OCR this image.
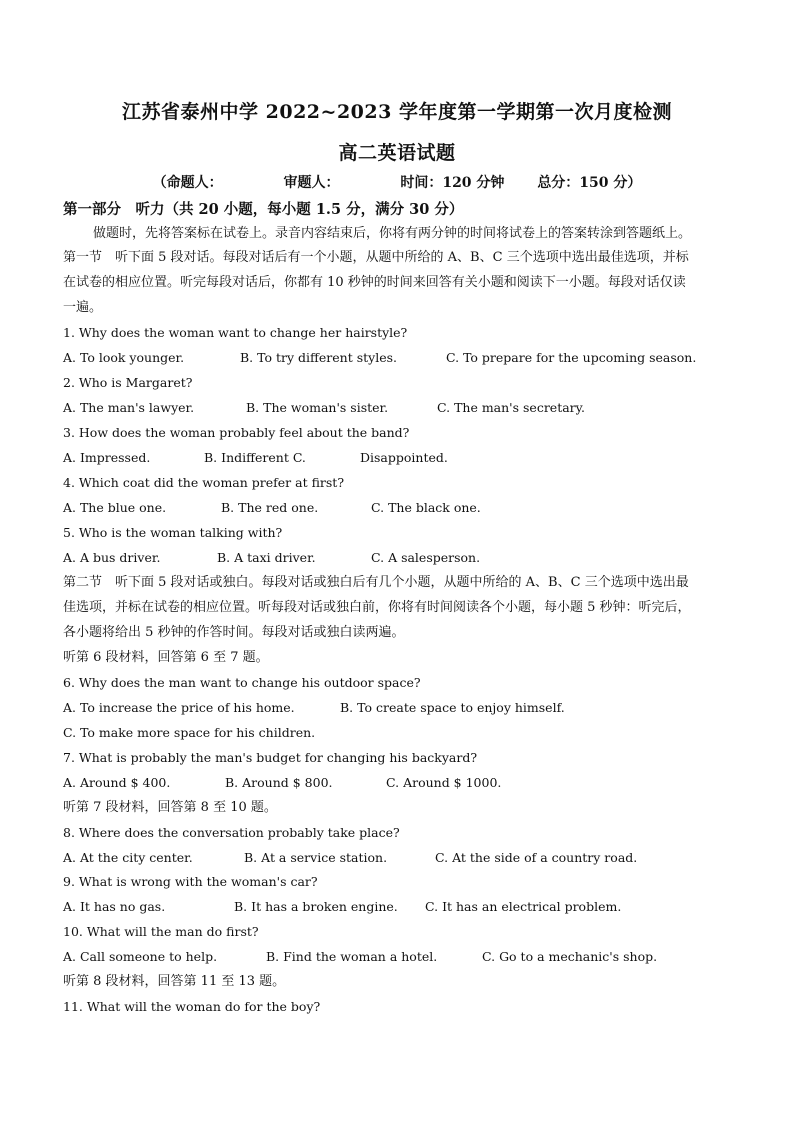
江苏省泰州中学 2022~2023 学年度第一学期第一次月度检测
高二英语试题
（命题人：	审题人：	时间：120 分钟 总分：150 分）
第一部分　听力（共 20 小题，每小题 1.5 分，满分 30 分）
做题时，先将答案标在试卷上。录音内容结束后，你将有两分钟的时间将试卷上的答案转涂到答题纸上。
第一节　听下面 5 段对话。每段对话后有一个小题，从题中所给的 A、B、C 三个选项中选出最佳选项，并标
在试卷的相应位置。听完每段对话后，你都有 10 秒钟的时间来回答有关小题和阅读下一小题。每段对话仅读
一遍。
1. Why does the woman want to change her hairstyle?
A. To look younger.	B. To try different styles.	C. To prepare for the upcoming season.
2. Who is Margaret?
A. The man's lawyer.	B. The woman's sister.	C. The man's secretary.
3. How does the woman probably feel about the band?
A. Impressed.	B. Indifferent C.	Disappointed.
4. Which coat did the woman prefer at first?
A. The blue one.	B. The red one.	C. The black one.
5. Who is the woman talking with?
A. A bus driver.	B. A taxi driver.	C. A salesperson.
第二节　听下面 5 段对话或独白。每段对话或独白后有几个小题，从题中所给的 A、B、C 三个选项中选出最
佳选项，并标在试卷的相应位置。听每段对话或独白前，你将有时间阅读各个小题，每小题 5 秒钟：听完后，
各小题将给出 5 秒钟的作答时间。每段对话或独白读两遍。
听第 6 段材料，回答第 6 至 7 题。
6. Why does the man want to change his outdoor space?
A. To increase the price of his home.	B. To create space to enjoy himself.
C. To make more space for his children.
7. What is probably the man's budget for changing his backyard?
A. Around $ 400.	B. Around $ 800.	C. Around $ 1000.
听第 7 段材料，回答第 8 至 10 题。
8. Where does the conversation probably take place?
A. At the city center.	B. At a service station.	C. At the side of a country road.
9. What is wrong with the woman's car?
A. It has no gas.	B. It has a broken engine. C. It has an electrical problem.
10. What will the man do first?
A. Call someone to help.	B. Find the woman a hotel.	C. Go to a mechanic's shop.
听第 8 段材料，回答第 11 至 13 题。
11. What will the woman do for the boy?
